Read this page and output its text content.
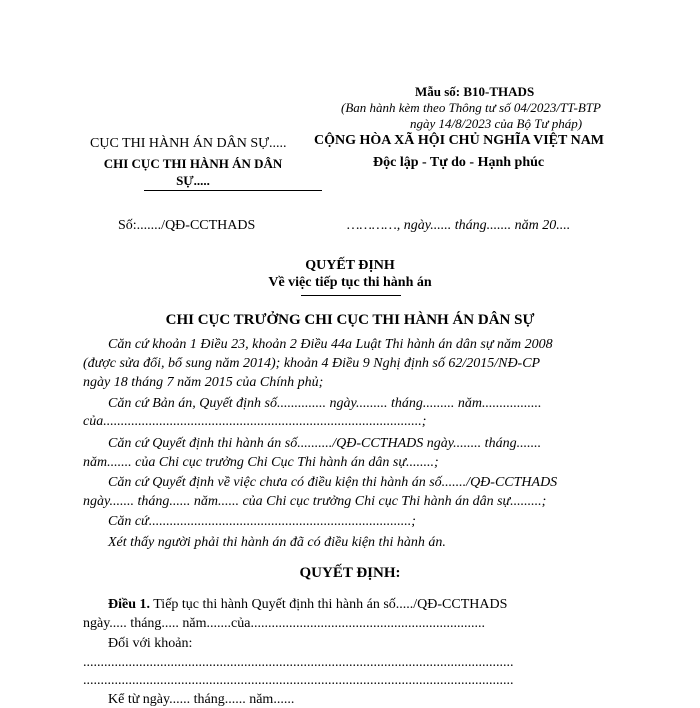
Mẫu số: B10-THADS
(Ban hành kèm theo Thông tư số 04/2023/TT-BTP
ngày 14/8/2023 của Bộ Tư pháp)
CỤC THI HÀNH ÁN DÂN SỰ.....
CHI CỤC THI HÀNH ÁN DÂN
SỰ.....
CỘNG HÒA XÃ HỘI CHỦ NGHĨA VIỆT NAM
Độc lập - Tự do - Hạnh phúc
Số:......./QĐ-CCTHADS	…………, ngày...... tháng....... năm 20....
QUYẾT ĐỊNH
Về việc tiếp tục thi hành án
CHI CỤC TRƯỞNG CHI CỤC THI HÀNH ÁN DÂN SỰ
Căn cứ khoản 1 Điều 23, khoản 2 Điều 44a Luật Thi hành án dân sự năm 2008
(được sửa đổi, bổ sung năm 2014); khoản 4 Điều 9 Nghị định số 62/2015/NĐ-CP
ngày 18 tháng 7 năm 2015 của Chính phủ;
Căn cứ Bản án, Quyết định số.............. ngày......... tháng......... năm.................
của...........................................................................................;
Căn cứ Quyết định thi hành án số........../QĐ-CCTHADS ngày........ tháng.......
năm....... của Chi cục trưởng Chi Cục Thi hành án dân sự........;
Căn cứ Quyết định về việc chưa có điều kiện thi hành án số......./QĐ-CCTHADS
ngày....... tháng...... năm...... của Chi cục trưởng Chi cục Thi hành án dân sự.........;
Căn cứ...........................................................................;
Xét thấy người phải thi hành án đã có điều kiện thi hành án.
QUYẾT ĐỊNH:
Điều 1. Tiếp tục thi hành Quyết định thi hành án số...../QĐ-CCTHADS
ngày..... tháng..... năm.......của...................................................................
Đối với khoản:
...........................................................................................................................
...........................................................................................................................
Kể từ ngày...... tháng...... năm......
